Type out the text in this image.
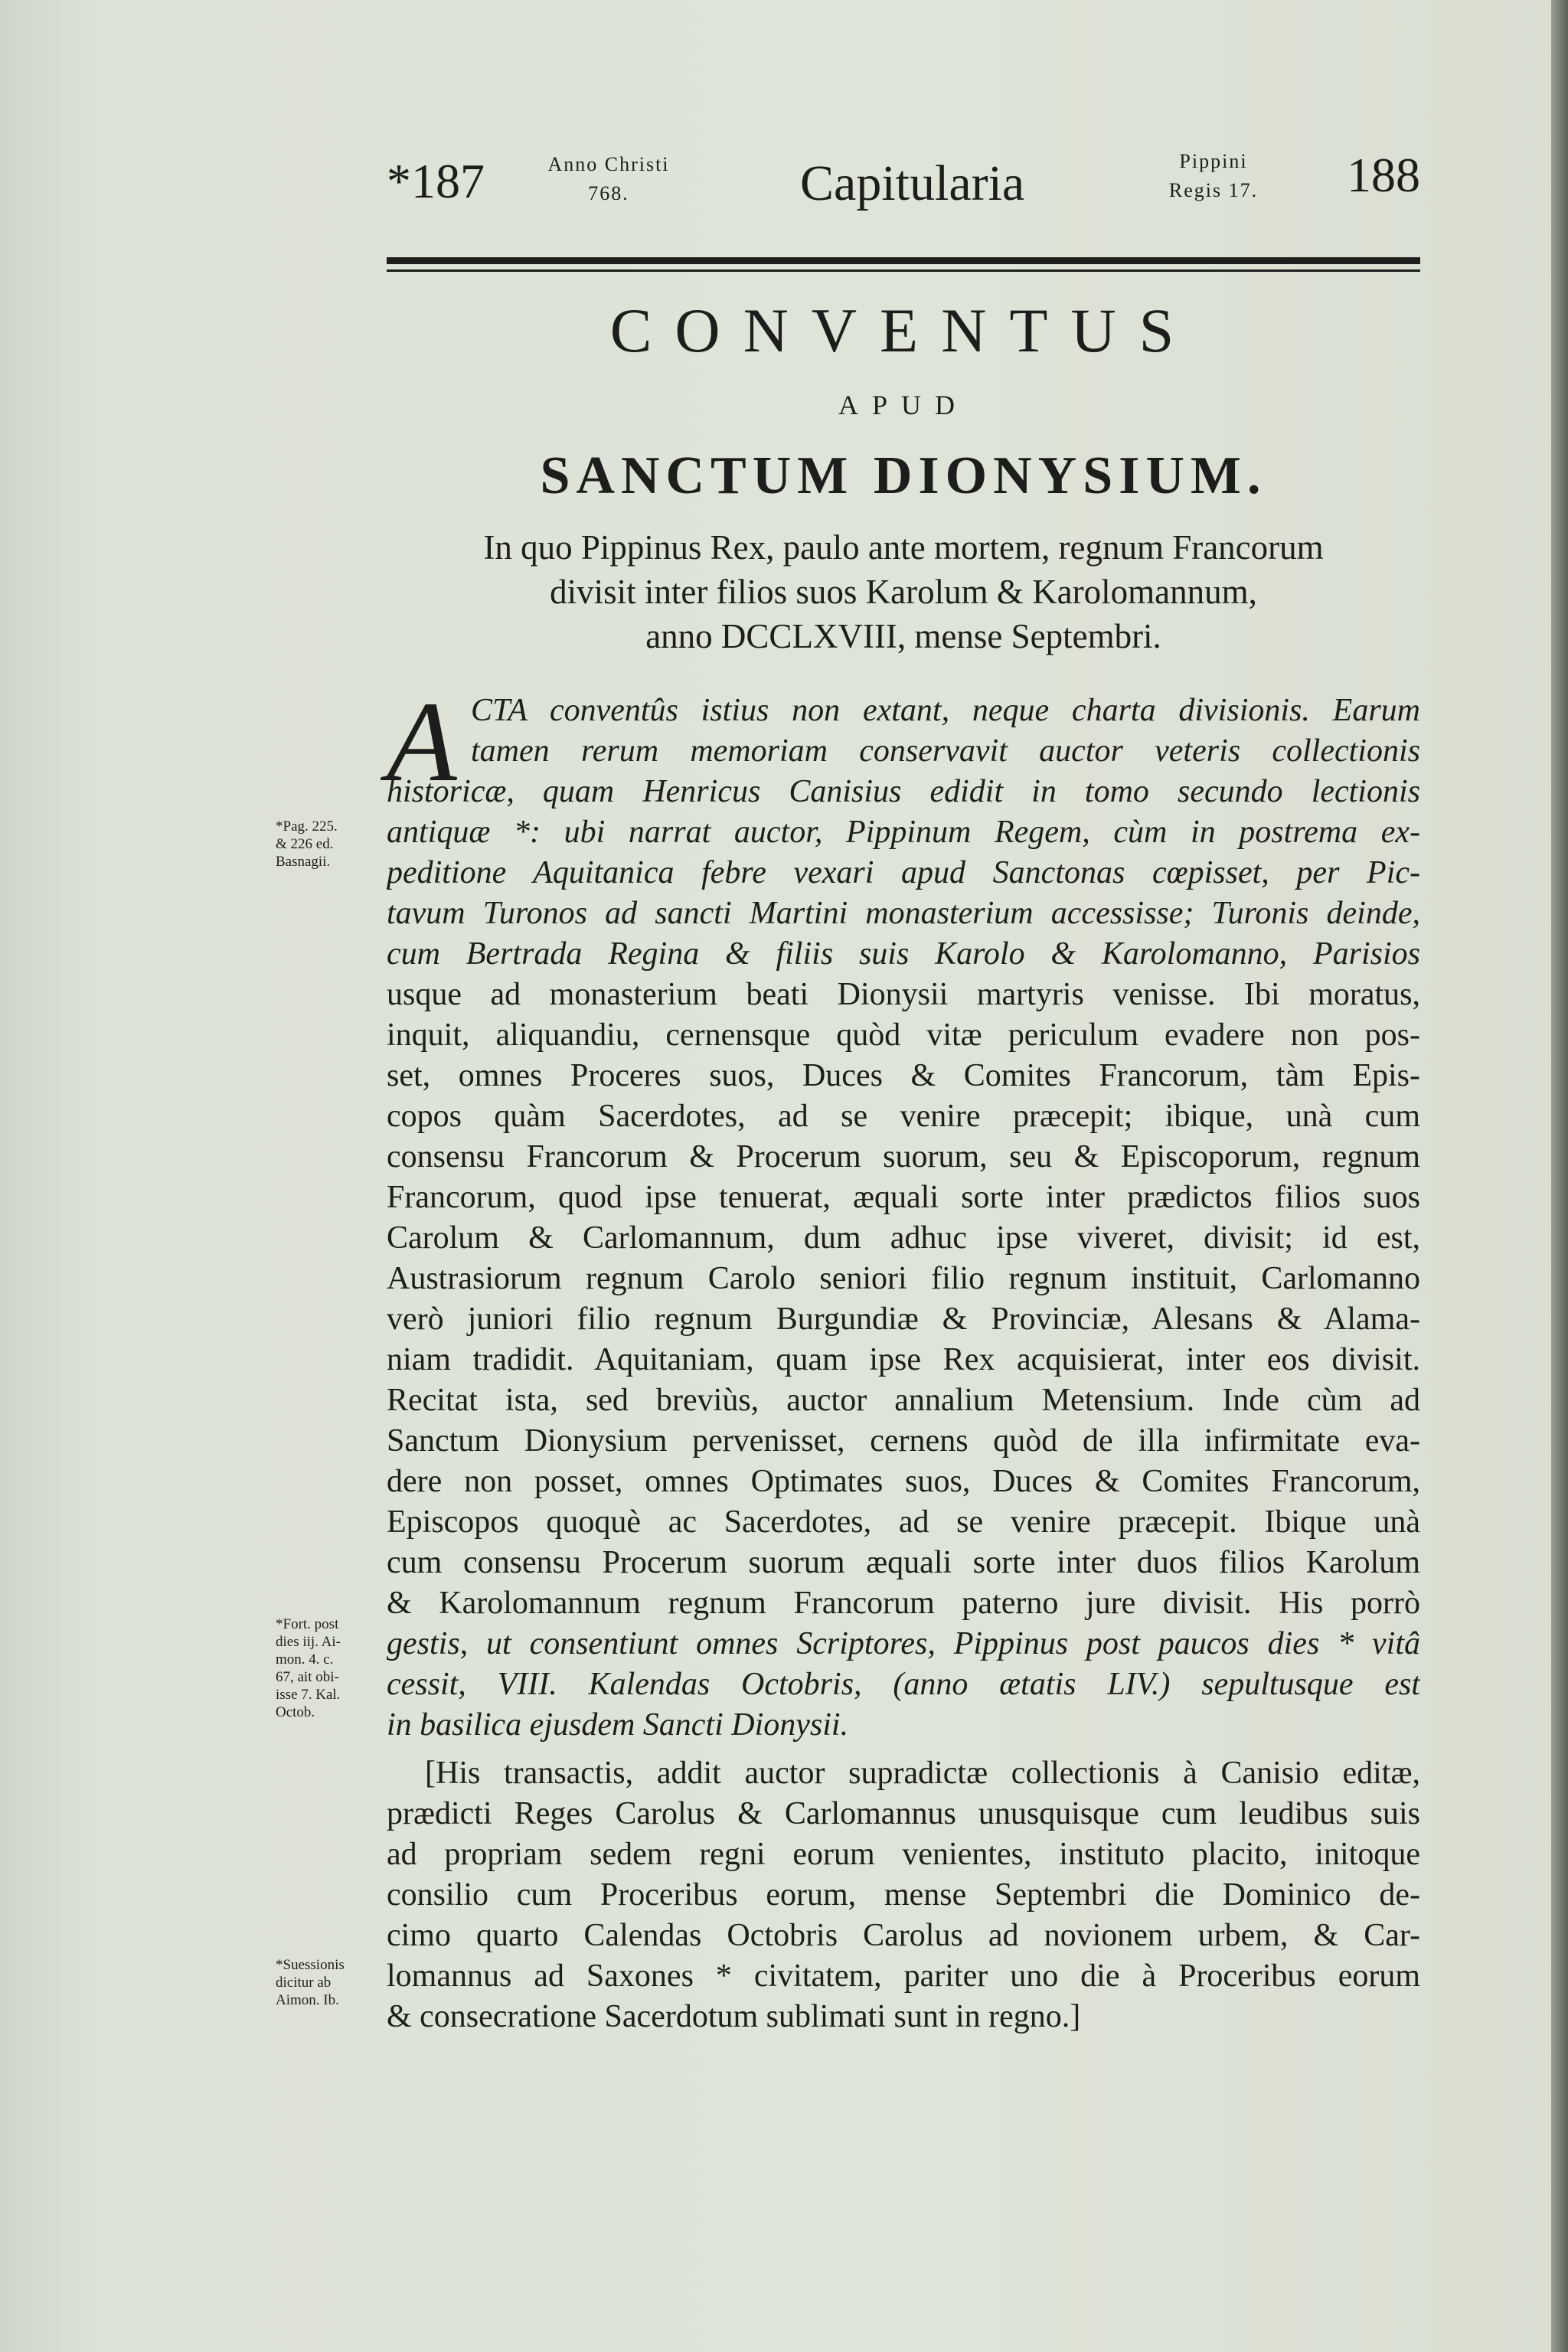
*187	Anno Christi
768.	Capitularia	Pippini
Regis 17.	188
CONVENTUS
APUD
SANCTUM DIONYSIUM.
In quo Pippinus Rex, paulo ante mortem, regnum Francorum
divisit inter filios suos Karolum & Karolomannum,
anno DCCLXVIII, mense Septembri.
A CTA conventûs istius non extant, neque charta divisionis. Earum
tamen rerum memoriam conservavit auctor veteris collectionis
historicæ, quam Henricus Canisius edidit in tomo secundo lectionis
antiquæ *: ubi narrat auctor, Pippinum Regem, cùm in postrema ex-
peditione Aquitanica febre vexari apud Sanctonas cœpisset, per Pic-
tavum Turonos ad sancti Martini monasterium accessisse; Turonis deinde,
cum Bertrada Regina & filiis suis Karolo & Karolomanno, Parisios
usque ad monasterium beati Dionysii martyris venisse. Ibi moratus,
inquit, aliquandiu, cernensque quòd vitæ periculum evadere non pos-
set, omnes Proceres suos, Duces & Comites Francorum, tàm Epis-
copos quàm Sacerdotes, ad se venire præcepit; ibique, unà cum
consensu Francorum & Procerum suorum, seu & Episcoporum, regnum
Francorum, quod ipse tenuerat, æquali sorte inter prædictos filios suos
Carolum & Carlomannum, dum adhuc ipse viveret, divisit; id est,
Austrasiorum regnum Carolo seniori filio regnum instituit, Carlomanno
verò juniori filio regnum Burgundiæ & Provinciæ, Alesans & Alama-
niam tradidit. Aquitaniam, quam ipse Rex acquisierat, inter eos divisit.
Recitat ista, sed breviùs, auctor annalium Metensium. Inde cùm ad
Sanctum Dionysium pervenisset, cernens quòd de illa infirmitate eva-
dere non posset, omnes Optimates suos, Duces & Comites Francorum,
Episcopos quoquè ac Sacerdotes, ad se venire præcepit. Ibique unà
cum consensu Procerum suorum æquali sorte inter duos filios Karolum
& Karolomannum regnum Francorum paterno jure divisit. His porrò
gestis, ut consentiunt omnes Scriptores, Pippinus post paucos dies * vitâ
cessit, VIII. Kalendas Octobris, (anno ætatis LIV.) sepultusque est
in basilica ejusdem Sancti Dionysii.
[His transactis, addit auctor supradictæ collectionis à Canisio editæ,
prædicti Reges Carolus & Carlomannus unusquisque cum leudibus suis
ad propriam sedem regni eorum venientes, instituto placito, initoque
consilio cum Proceribus eorum, mense Septembri die Dominico de-
cimo quarto Calendas Octobris Carolus ad novionem urbem, & Car-
lomannus ad Saxones * civitatem, pariter uno die à Proceribus eorum
& consecratione Sacerdotum sublimati sunt in regno.]
*Pag. 225.
& 226 ed.
Basnagii.
*Fort. post
dies iij. Ai-
mon. 4. c.
67, ait obi-
isse 7. Kal.
Octob.
*Suessionis
dicitur ab
Aimon. Ib.
